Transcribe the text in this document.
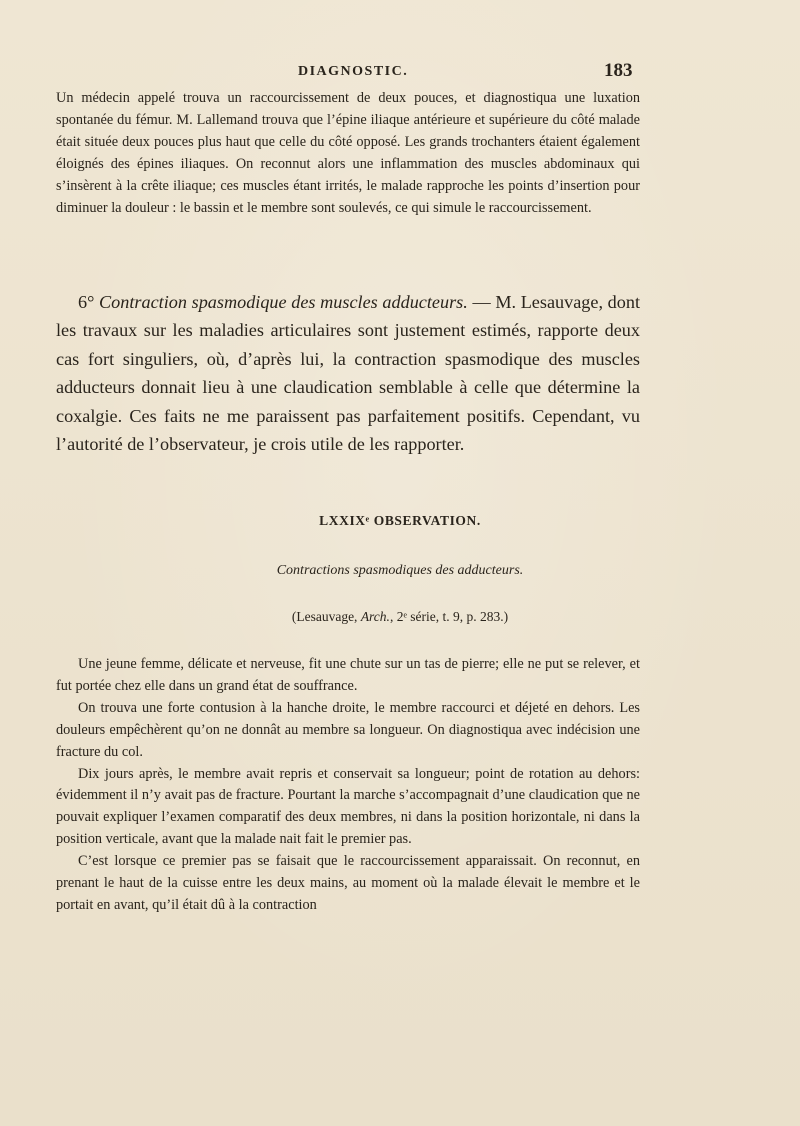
DIAGNOSTIC.	183

Un médecin appelé trouva un raccourcissement de deux pouces, et diagnostiqua une luxation spontanée du fémur. M. Lallemand trouva que l’épine iliaque antérieure et supérieure du côté malade était située deux pouces plus haut que celle du côté opposé. Les grands trochanters étaient également éloignés des épines iliaques. On reconnut alors une inflammation des muscles abdominaux qui s’insèrent à la crête iliaque; ces muscles étant irrités, le malade rapproche les points d’insertion pour diminuer la douleur : le bassin et le membre sont soulevés, ce qui simule le raccourcissement.

6° Contraction spasmodique des muscles adducteurs. — M. Lesauvage, dont les travaux sur les maladies articulaires sont justement estimés, rapporte deux cas fort singuliers, où, d’après lui, la contraction spasmodique des muscles adducteurs donnait lieu à une claudication semblable à celle que détermine la coxalgie. Ces faits ne me paraissent pas parfaitement positifs. Cependant, vu l’autorité de l’observateur, je crois utile de les rapporter.

LXXIXᵉ OBSERVATION.
Contractions spasmodiques des adducteurs.
(Lesauvage, Arch., 2ᵉ série, t. 9, p. 283.)

Une jeune femme, délicate et nerveuse, fit une chute sur un tas de pierre; elle ne put se relever, et fut portée chez elle dans un grand état de souffrance.

On trouva une forte contusion à la hanche droite, le membre raccourci et déjeté en dehors. Les douleurs empêchèrent qu’on ne donnât au membre sa longueur. On diagnostiqua avec indécision une fracture du col.

Dix jours après, le membre avait repris et conservait sa longueur; point de rotation au dehors: évidemment il n’y avait pas de fracture. Pourtant la marche s’accompagnait d’une claudication que ne pouvait expliquer l’examen comparatif des deux membres, ni dans la position horizontale, ni dans la position verticale, avant que la malade nait fait le premier pas.

C’est lorsque ce premier pas se faisait que le raccourcissement apparaissait. On reconnut, en prenant le haut de la cuisse entre les deux mains, au moment où la malade élevait le membre et le portait en avant, qu’il était dû à la contraction
